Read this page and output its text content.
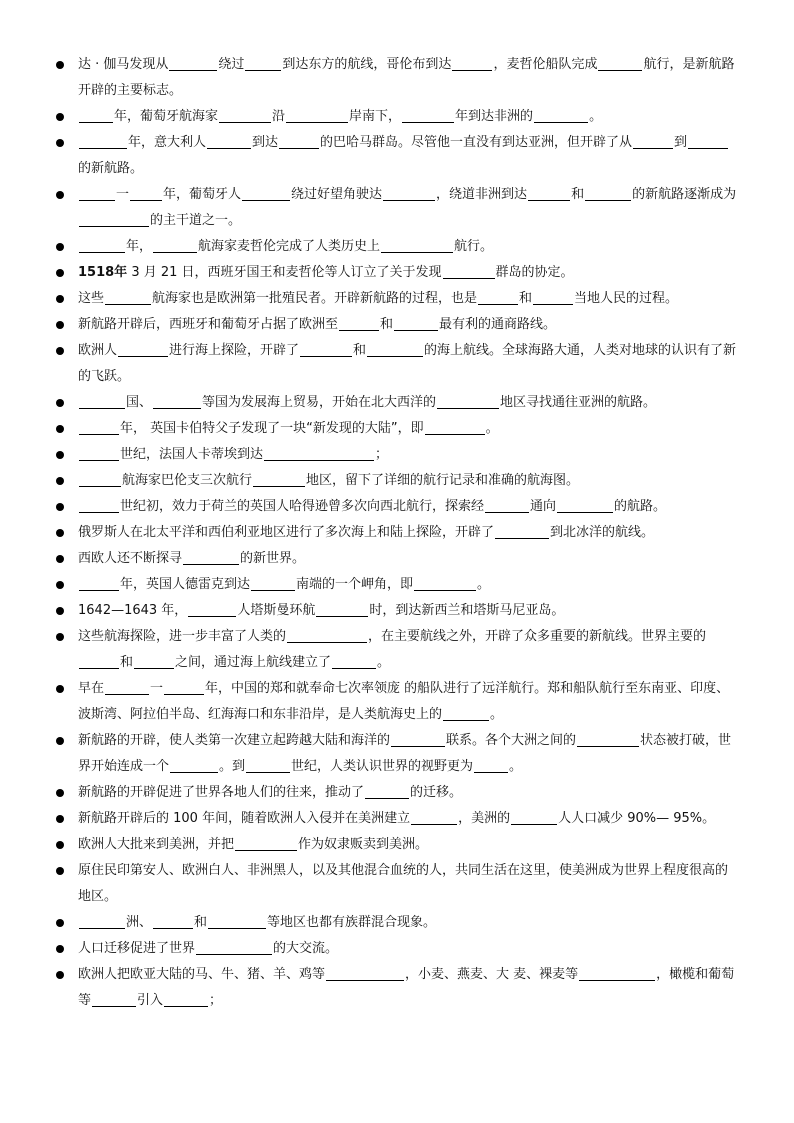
达 · 伽马发现从	绕过	到达东方的航线，哥伦布到达	，麦哲伦船队完成	航行，是新航路开辟的主要标志。
年，葡萄牙航海家	沿	岸南下，	年到达非洲的	。
年，意大利人	到达	的巴哈马群岛。尽管他一直没有到达亚洲，但开辟了从	到的新航路。
一	年，葡萄牙人	绕过好望角驶达	，绕道非洲到达	和	的新航路逐渐成为的主干道之一。
年，	航海家麦哲伦完成了人类历史上	航行。
1518年 3 月 21 日，西班牙国王和麦哲伦等人订立了关于发现	群岛的协定。
这些	航海家也是欧洲第一批殖民者。开辟新航路的过程，也是	和	当地人民的过程。
新航路开辟后，西班牙和葡萄牙占据了欧洲至	和	最有利的通商路线。
欧洲人	进行海上探险，开辟了	和	的海上航线。全球海路大通，人类对地球的认识有了新的飞跃。
国、	等国为发展海上贸易，开始在北大西洋的	地区寻找通往亚洲的航路。
年， 英国卡伯特父子发现了一块“新发现的大陆”，即	。
世纪，法国人卡蒂埃到达	；
航海家巴伦支三次航行	地区，留下了详细的航行记录和准确的航海图。
世纪初，效力于荷兰的英国人哈得逊曾多次向西北航行，探索经	通向	的航路。
俄罗斯人在北太平洋和西伯利亚地区进行了多次海上和陆上探险，开辟了	到北冰洋的航线。
西欧人还不断探寻	的新世界。
年，英国人德雷克到达	南端的一个岬角，即	。
1642—1643 年，	人塔斯曼环航	时，到达新西兰和塔斯马尼亚岛。
这些航海探险，进一步丰富了人类的	，在主要航线之外，开辟了众多重要的新航线。世界主要的和	之间，通过海上航线建立了	。
早在	一	年，中国的郑和就奉命七次率领庞 的船队进行了远洋航行。郑和船队航行至东南亚、印度、波斯湾、阿拉伯半岛、红海海口和东非沿岸，是人类航海史上的	。
新航路的开辟，使人类第一次建立起跨越大陆和海洋的	联系。各个大洲之间的	状态被打破，世界开始连成一个	。到	世纪，人类认识世界的视野更为	。
新航路的开辟促进了世界各地人们的往来，推动了	的迁移。
新航路开辟后的 100 年间，随着欧洲人入侵并在美洲建立	，美洲的	人人口减少 90%— 95%。
欧洲人大批来到美洲，并把	作为奴隶贩卖到美洲。
原住民印第安人、欧洲白人、非洲黑人，以及其他混合血统的人，共同生活在这里，使美洲成为世界上程度很高的地区。
洲、	和	等地区也都有族群混合现象。
人口迁移促进了世界	的大交流。
欧洲人把欧亚大陆的马、牛、猪、羊、鸡等	，小麦、燕麦、大 麦、裸麦等	，橄榄和葡萄等	引入	；
